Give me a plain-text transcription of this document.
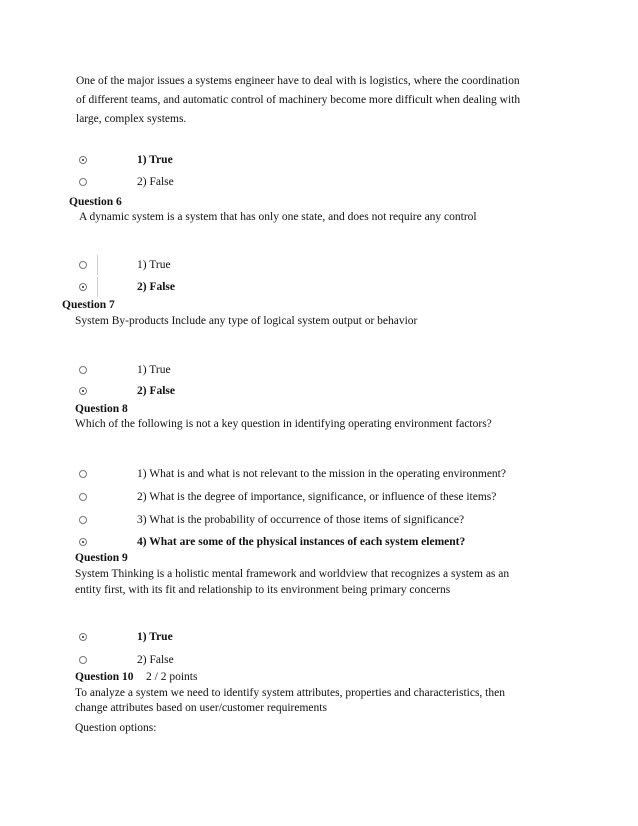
One of the major issues a systems engineer have to deal with is logistics, where the coordination
of different teams, and automatic control of machinery become more difficult when dealing with
large, complex systems.
1) True
2) False
Question 6
A dynamic system is a system that has only one state, and does not require any control
1) True
2) False
Question 7
System By-products Include any type of logical system output or behavior
1) True
2) False
Question 8
Which of the following is not a key question in identifying operating environment factors?
1) What is and what is not relevant to the mission in the operating environment?
2) What is the degree of importance, significance, or influence of these items?
3) What is the probability of occurrence of those items of significance?
4) What are some of the physical instances of each system element?
Question 9
System Thinking is a holistic mental framework and worldview that recognizes a system as an
entity first, with its fit and relationship to its environment being primary concerns
1) True
2) False
Question 10 2 / 2 points
To analyze a system we need to identify system attributes, properties and characteristics, then
change attributes based on user/customer requirements
Question options:
